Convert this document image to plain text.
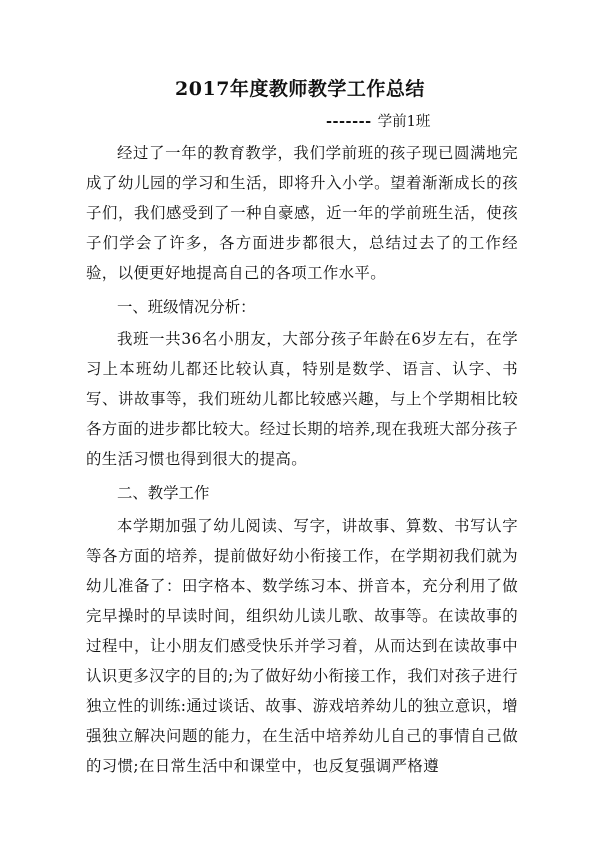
2017年度教师教学工作总结
------- 学前1班

经过了一年的教育教学，我们学前班的孩子现已圆满地完成了幼儿园的学习和生活，即将升入小学。望着渐渐成长的孩子们，我们感受到了一种自豪感，近一年的学前班生活，使孩子们学会了许多，各方面进步都很大，总结过去了的工作经验，以便更好地提高自己的各项工作水平。

一、班级情况分析：

我班一共36名小朋友，大部分孩子年龄在6岁左右，在学习上本班幼儿都还比较认真，特别是数学、语言、认字、书写、讲故事等，我们班幼儿都比较感兴趣，与上个学期相比较各方面的进步都比较大。经过长期的培养,现在我班大部分孩子的生活习惯也得到很大的提高。

二、教学工作

本学期加强了幼儿阅读、写字，讲故事、算数、书写认字等各方面的培养，提前做好幼小衔接工作，在学期初我们就为幼儿准备了：田字格本、数学练习本、拼音本，充分利用了做完早操时的早读时间，组织幼儿读儿歌、故事等。在读故事的过程中，让小朋友们感受快乐并学习着，从而达到在读故事中认识更多汉字的目的;为了做好幼小衔接工作，我们对孩子进行独立性的训练:通过谈话、故事、游戏培养幼儿的独立意识，增强独立解决问题的能力，在生活中培养幼儿自己的事情自己做的习惯;在日常生活中和课堂中，也反复强调严格遵
